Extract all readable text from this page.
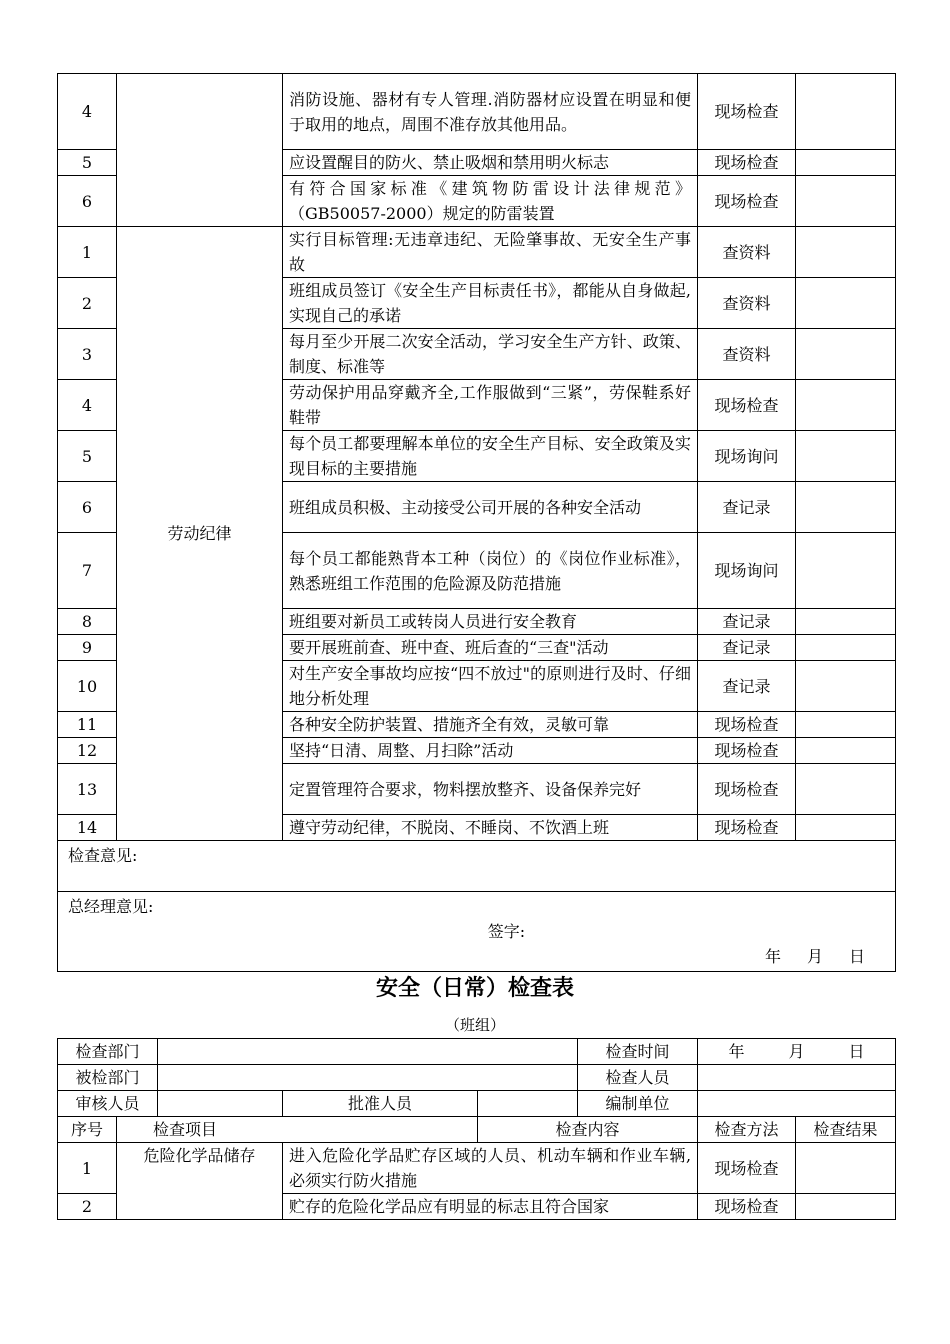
4		消防设施、器材有专人管理.消防器材应设置在明显和便于取用的地点，周围不准存放其他用品。	现场检查	
5		应设置醒目的防火、禁止吸烟和禁用明火标志	现场检查	
6		有符合国家标准《建筑物防雷设计法律规范》（GB50057-2000）规定的防雷装置	现场检查	
1	劳动纪律	实行目标管理:无违章违纪、无险肇事故、无安全生产事故	查资料	
2		班组成员签订《安全生产目标责任书》，都能从自身做起,实现自己的承诺	查资料	
3		每月至少开展二次安全活动，学习安全生产方针、政策、制度、标准等	查资料	
4		劳动保护用品穿戴齐全,工作服做到“三紧”，劳保鞋系好鞋带	现场检查	
5		每个员工都要理解本单位的安全生产目标、安全政策及实现目标的主要措施	现场询问	
6		班组成员积极、主动接受公司开展的各种安全活动	查记录	
7		每个员工都能熟背本工种（岗位）的《岗位作业标准》，熟悉班组工作范围的危险源及防范措施	现场询问	
8		班组要对新员工或转岗人员进行安全教育	查记录	
9		要开展班前查、班中查、班后查的“三查"活动	查记录	
10		对生产安全事故均应按“四不放过"的原则进行及时、仔细地分析处理	查记录	
11		各种安全防护装置、措施齐全有效，灵敏可靠	现场检查	
12		坚持“日清、周整、月扫除”活动	现场检查	
13		定置管理符合要求，物料摆放整齐、设备保养完好	现场检查	
14		遵守劳动纪律，不脱岗、不睡岗、不饮酒上班	现场检查	
检查意见:				

总经理意见:
签字:
年 月 日				
安全（日常）检查表
（班组）
检查部门					检查时间	年 月 日	
被检部门					检查人员		
审核人员			批准人员		编制单位		
序号	检查项目			检查内容		检查方法	检查结果
1	危险化学品储存		进入危险化学品贮存区域的人员、机动车辆和作业车辆,必须实行防火措施			现场检查	
2			贮存的危险化学品应有明显的标志且符合国家			现场检查	
